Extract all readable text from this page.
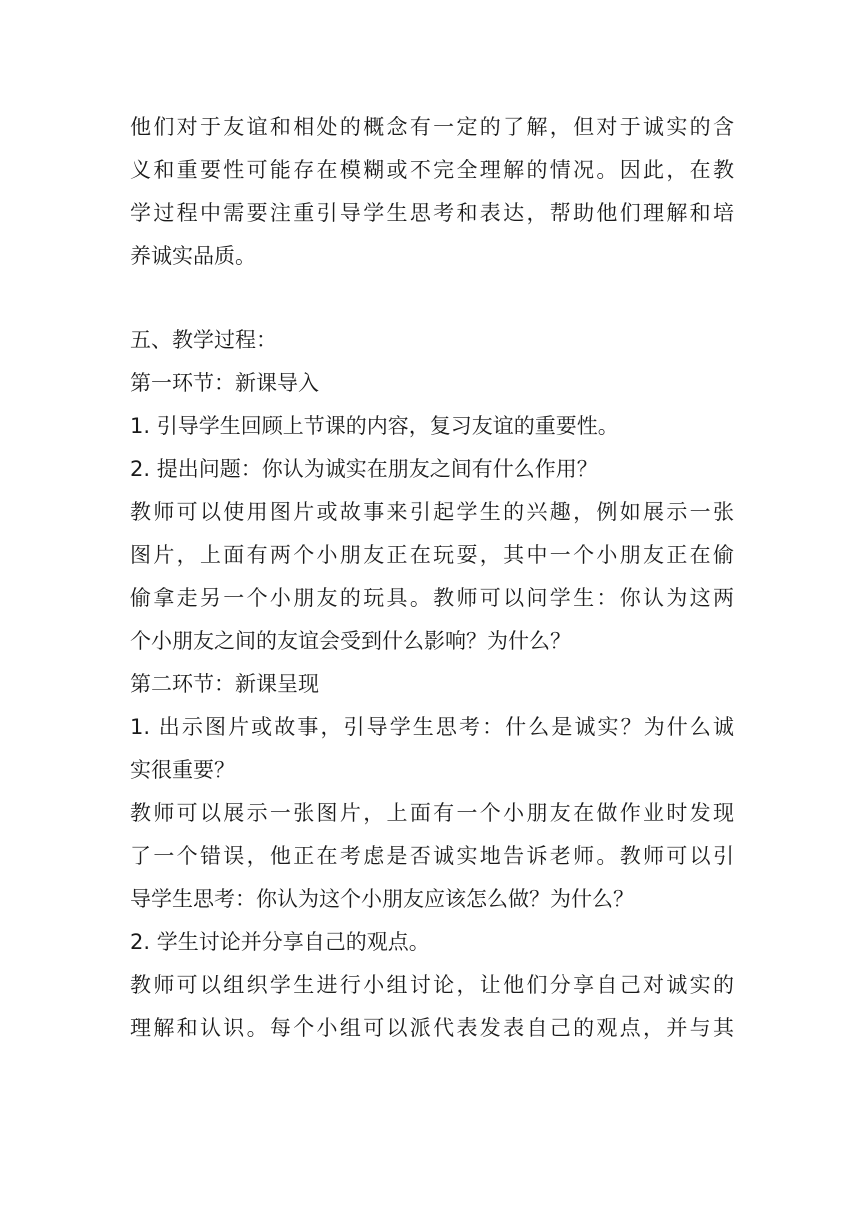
他们对于友谊和相处的概念有一定的了解，但对于诚实的含
义和重要性可能存在模糊或不完全理解的情况。因此，在教
学过程中需要注重引导学生思考和表达，帮助他们理解和培
养诚实品质。
五、教学过程：
第一环节：新课导入
1. 引导学生回顾上节课的内容，复习友谊的重要性。
2. 提出问题：你认为诚实在朋友之间有什么作用？
教师可以使用图片或故事来引起学生的兴趣，例如展示一张
图片，上面有两个小朋友正在玩耍，其中一个小朋友正在偷
偷拿走另一个小朋友的玩具。教师可以问学生：你认为这两
个小朋友之间的友谊会受到什么影响？为什么？
第二环节：新课呈现
1. 出示图片或故事，引导学生思考：什么是诚实？为什么诚
实很重要？
教师可以展示一张图片，上面有一个小朋友在做作业时发现
了一个错误，他正在考虑是否诚实地告诉老师。教师可以引
导学生思考：你认为这个小朋友应该怎么做？为什么？
2. 学生讨论并分享自己的观点。
教师可以组织学生进行小组讨论，让他们分享自己对诚实的
理解和认识。每个小组可以派代表发表自己的观点，并与其
